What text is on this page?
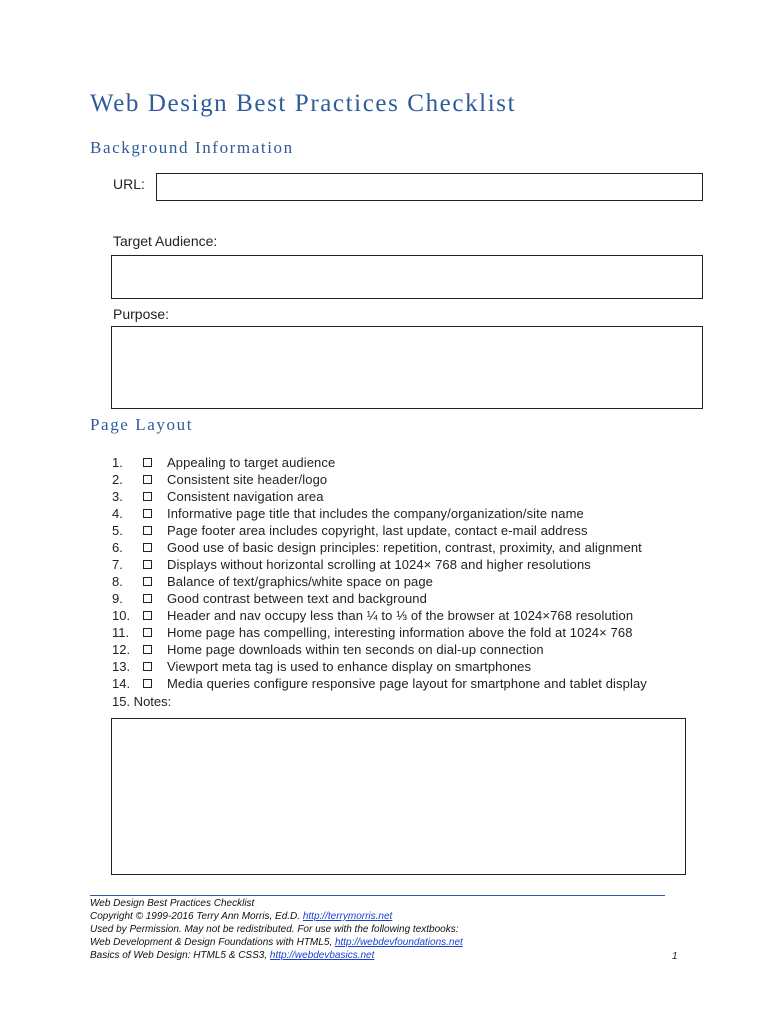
Web Design Best Practices Checklist
Background Information
URL:
Target Audience:
Purpose:
Page Layout
1.	Appealing to target audience
2.	Consistent site header/logo
3.	Consistent navigation area
4.	Informative page title that includes the company/organization/site name
5.	Page footer area includes copyright, last update, contact e-mail address
6.	Good use of basic design principles: repetition, contrast, proximity, and alignment
7.	Displays without horizontal scrolling at 1024× 768 and higher resolutions
8.	Balance of text/graphics/white space on page
9.	Good contrast between text and background
10.	Header and nav occupy less than ¼ to ⅓ of the browser at 1024×768 resolution
11.	Home page has compelling, interesting information above the fold at 1024× 768
12.	Home page downloads within ten seconds on dial-up connection
13.	Viewport meta tag is used to enhance display on smartphones
14.	Media queries configure responsive page layout for smartphone and tablet display
15. Notes:
Web Design Best Practices Checklist
Copyright © 1999-2016 Terry Ann Morris, Ed.D. http://terrymorris.net
Used by Permission. May not be redistributed. For use with the following textbooks:
Web Development & Design Foundations with HTML5, http://webdevfoundations.net
Basics of Web Design: HTML5 & CSS3, http://webdevbasics.net	1
